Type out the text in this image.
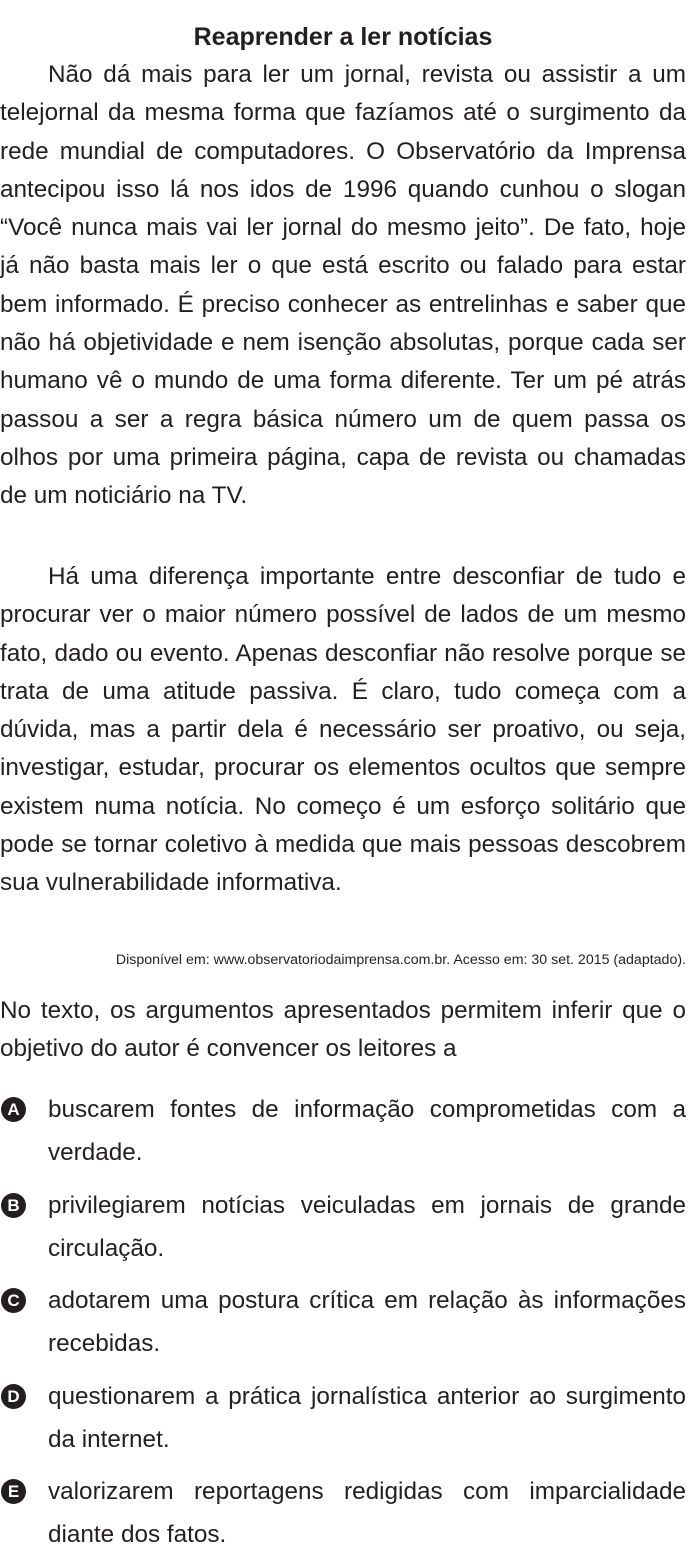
Reaprender a ler notícias

Não dá mais para ler um jornal, revista ou assistir a um telejornal da mesma forma que fazíamos até o surgimento da rede mundial de computadores. O Observatório da Imprensa antecipou isso lá nos idos de 1996 quando cunhou o slogan “Você nunca mais vai ler jornal do mesmo jeito”. De fato, hoje já não basta mais ler o que está escrito ou falado para estar bem informado. É preciso conhecer as entrelinhas e saber que não há objetividade e nem isenção absolutas, porque cada ser humano vê o mundo de uma forma diferente. Ter um pé atrás passou a ser a regra básica número um de quem passa os olhos por uma primeira página, capa de revista ou chamadas de um noticiário na TV.

Há uma diferença importante entre desconfiar de tudo e procurar ver o maior número possível de lados de um mesmo fato, dado ou evento. Apenas desconfiar não resolve porque se trata de uma atitude passiva. É claro, tudo começa com a dúvida, mas a partir dela é necessário ser proativo, ou seja, investigar, estudar, procurar os elementos ocultos que sempre existem numa notícia. No começo é um esforço solitário que pode se tornar coletivo à medida que mais pessoas descobrem sua vulnerabilidade informativa.

Disponível em: www.observatoriodaimprensa.com.br. Acesso em: 30 set. 2015 (adaptado).

No texto, os argumentos apresentados permitem inferir que o objetivo do autor é convencer os leitores a

A buscarem fontes de informação comprometidas com a verdade.
B privilegiarem notícias veiculadas em jornais de grande circulação.
C adotarem uma postura crítica em relação às informações recebidas.
D questionarem a prática jornalística anterior ao surgimento da internet.
E valorizarem reportagens redigidas com imparcialidade diante dos fatos.
